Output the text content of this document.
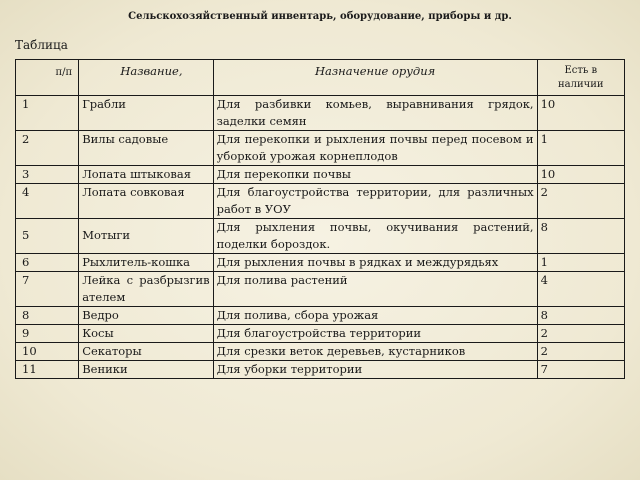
Сельскохозяйственный инвентарь, оборудование, приборы и др.
Таблица
п/п	Название,	Назначение орудия	Есть в наличии
1	Грабли	Для разбивки комьев, выравнивания грядок, заделки семян	10
2	Вилы садовые	Для перекопки и рыхления почвы перед посевом и уборкой урожая корнеплодов	1
3	Лопата штыковая	Для перекопки почвы	10
4	Лопата совковая	Для благоустройства территории, для различных работ в УОУ	2
5	Мотыги	Для рыхления почвы, окучивания растений, поделки бороздок.	8
6	Рыхлитель-кошка	Для рыхления почвы в рядках и междурядьях	1
7	Лейка с разбрызгивателем	Для полива растений	4
8	Ведро	Для полива, сбора урожая	8
9	Косы	Для благоустройства территории	2
10	Секаторы	Для срезки веток деревьев, кустарников	2
11	Веники	Для уборки территории	7
